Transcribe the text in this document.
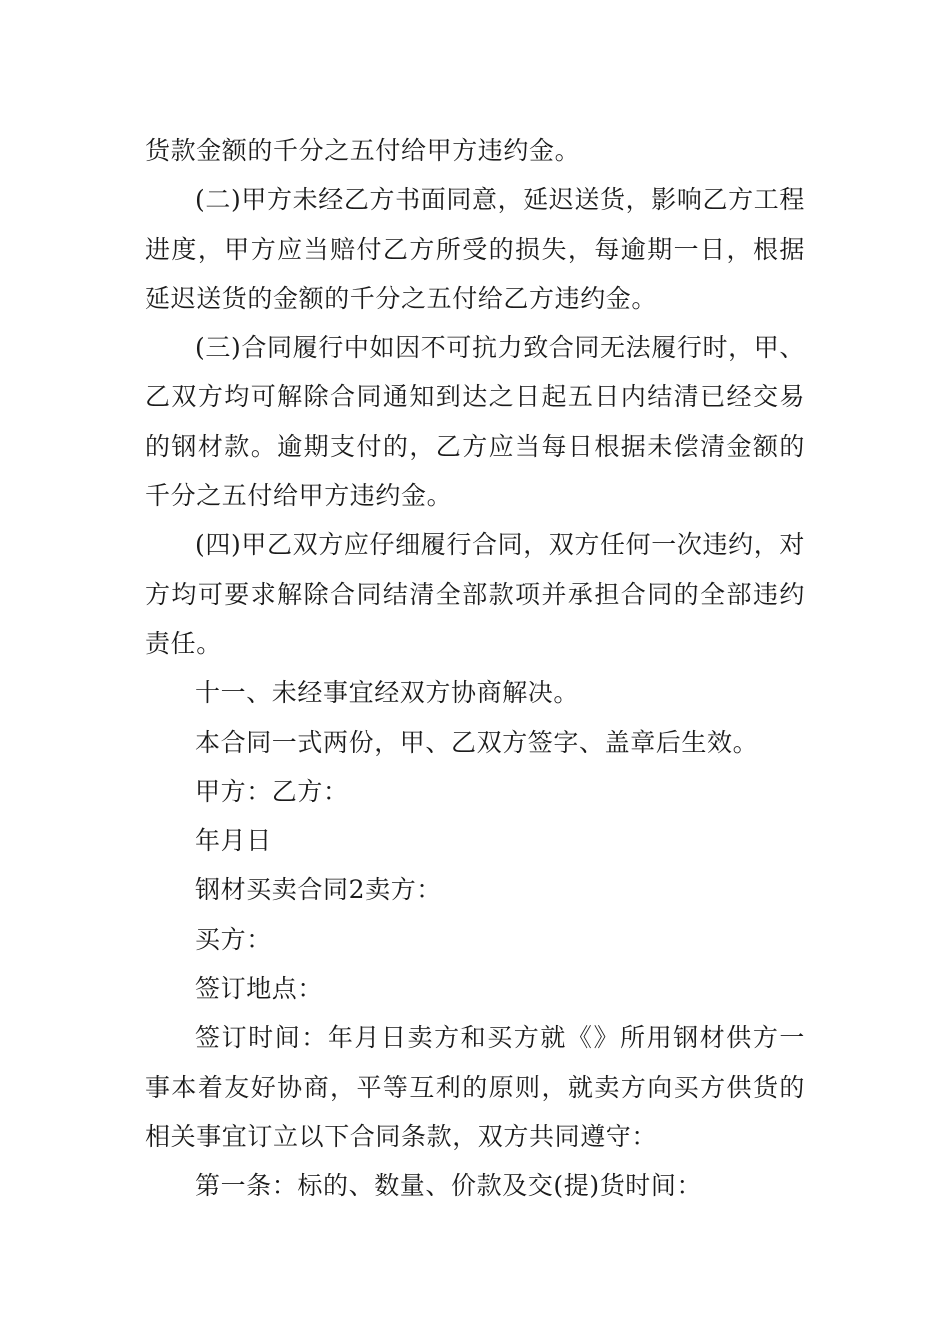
货款金额的千分之五付给甲方违约金。

(二)甲方未经乙方书面同意，延迟送货，影响乙方工程进度，甲方应当赔付乙方所受的损失，每逾期一日，根据延迟送货的金额的千分之五付给乙方违约金。

(三)合同履行中如因不可抗力致合同无法履行时，甲、乙双方均可解除合同通知到达之日起五日内结清已经交易的钢材款。逾期支付的，乙方应当每日根据未偿清金额的千分之五付给甲方违约金。

(四)甲乙双方应仔细履行合同，双方任何一次违约，对方均可要求解除合同结清全部款项并承担合同的全部违约责任。

十一、未经事宜经双方协商解决。

本合同一式两份，甲、乙双方签字、盖章后生效。

甲方：乙方：

年月日

钢材买卖合同2卖方：

买方：

签订地点：

签订时间：年月日卖方和买方就《》所用钢材供方一事本着友好协商，平等互利的原则，就卖方向买方供货的相关事宜订立以下合同条款，双方共同遵守：

第一条：标的、数量、价款及交(提)货时间：
